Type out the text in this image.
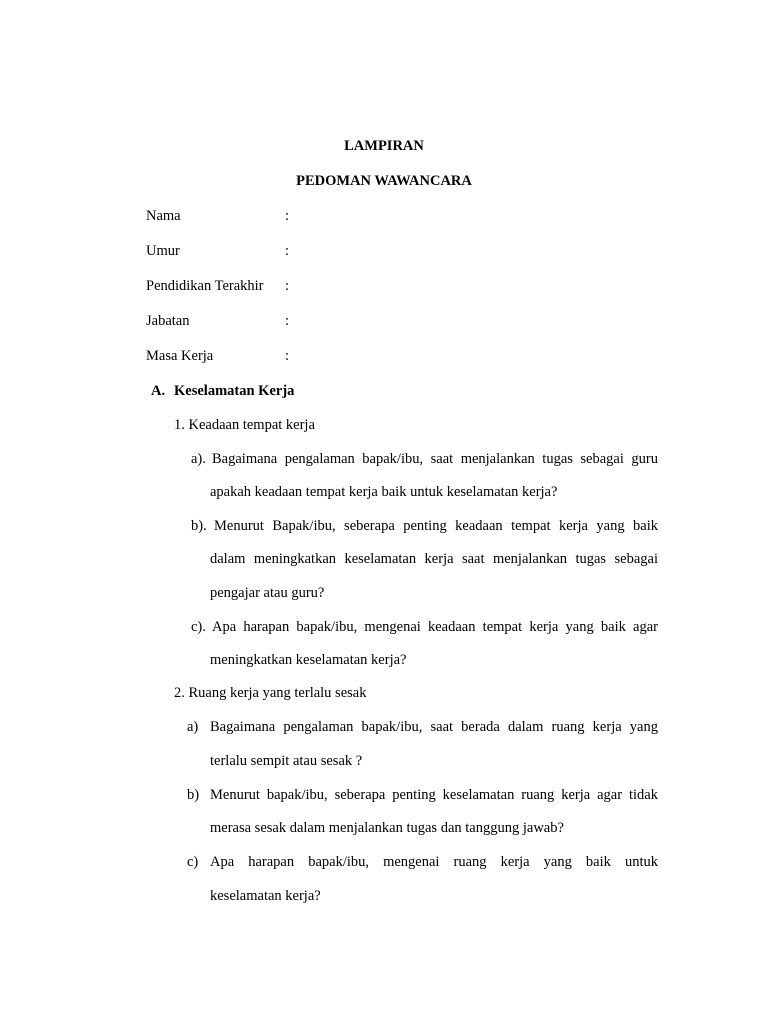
LAMPIRAN
PEDOMAN WAWANCARA
Nama	:
Umur	:
Pendidikan Terakhir :
Jabatan	:
Masa Kerja	:
A. Keselamatan Kerja
1. Keadaan tempat kerja
a). Bagaimana pengalaman bapak/ibu, saat menjalankan tugas sebagai guru
apakah keadaan tempat kerja baik untuk keselamatan kerja?
b). Menurut Bapak/ibu, seberapa penting keadaan tempat kerja yang baik
dalam meningkatkan keselamatan kerja saat menjalankan tugas sebagai
pengajar atau guru?
c). Apa harapan bapak/ibu, mengenai keadaan tempat kerja yang baik agar
meningkatkan keselamatan kerja?
2. Ruang kerja yang terlalu sesak
a) Bagaimana pengalaman bapak/ibu, saat berada dalam ruang kerja yang
terlalu sempit atau sesak ?
b) Menurut bapak/ibu, seberapa penting keselamatan ruang kerja agar tidak
merasa sesak dalam menjalankan tugas dan tanggung jawab?
c) Apa harapan bapak/ibu, mengenai ruang kerja yang baik untuk
keselamatan kerja?
